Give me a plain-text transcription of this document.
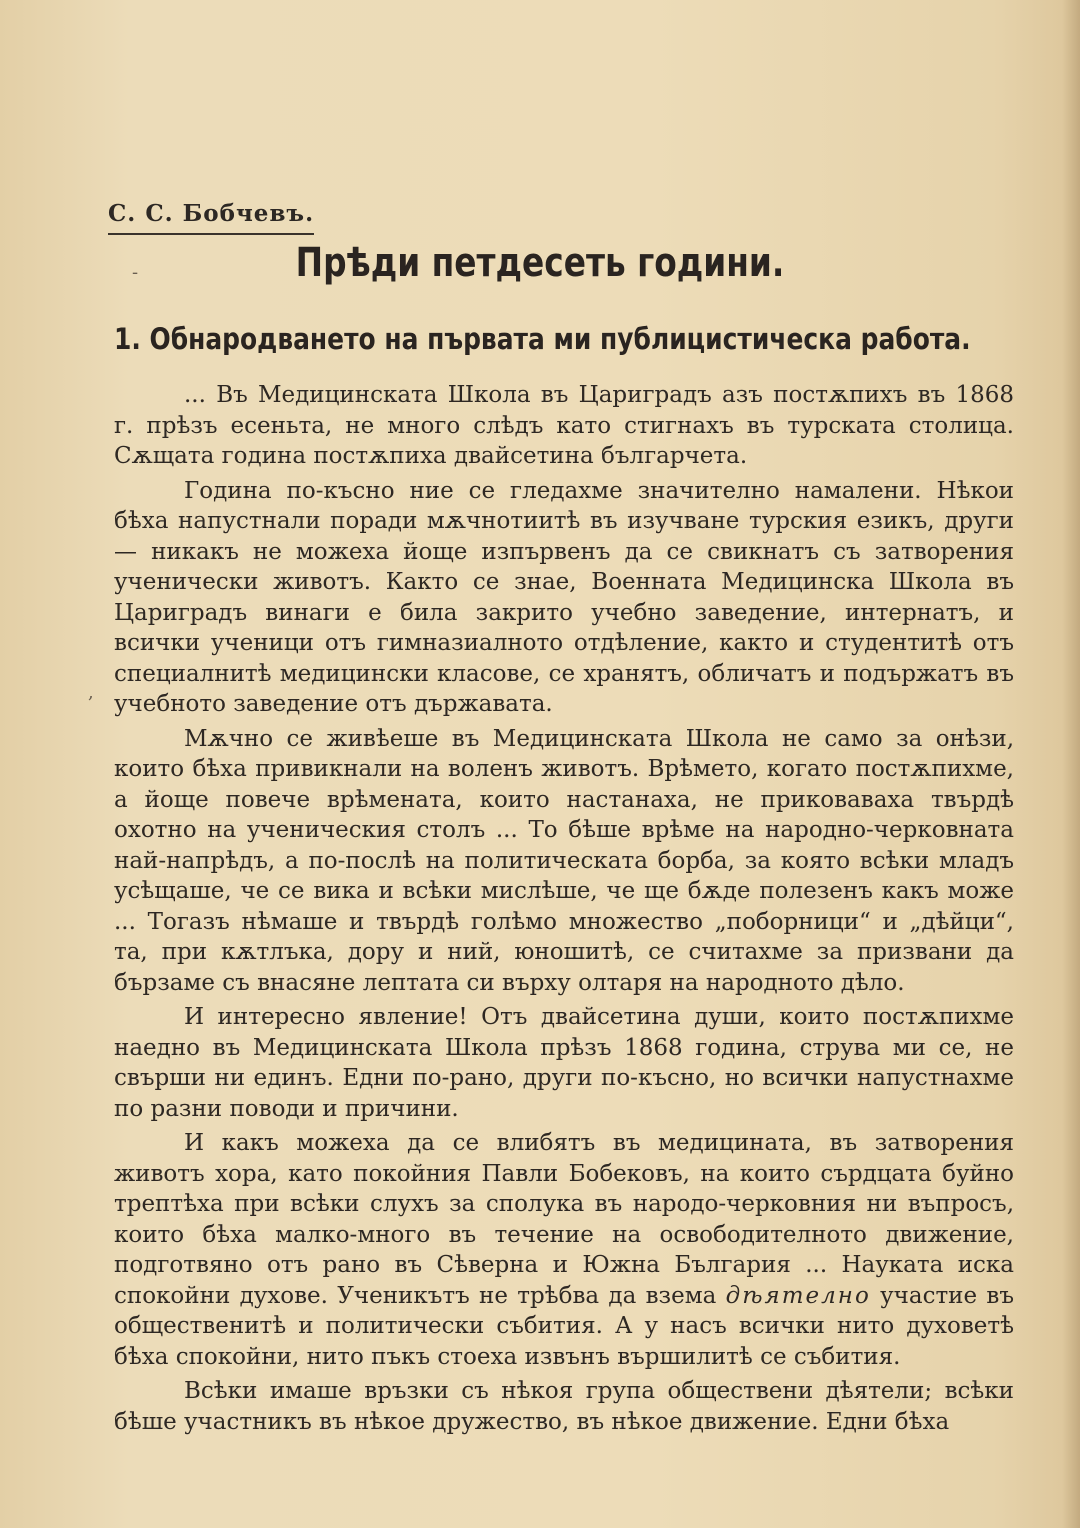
-
,
С. С. Бобчевъ.
Прѣди петдесеть години.
1. Обнародването на първата ми публицистическа работа.

... Въ Медицинската Школа въ Цариградъ азъ постѫпихъ въ 1868 г. прѣзъ есеньта, не много слѣдъ като стигнахъ въ турската столица. Сѫщата година постѫпиха двайсетина българчета.

Година по-късно ние се гледахме значително намалени. Нѣкои бѣха напустнали поради мѫчнотиитѣ въ изучване турския езикъ, други — никакъ не можеха йоще изпървенъ да се свикнатъ съ затворения ученически животъ. Както се знае, Военната Медицинска Школа въ Цариградъ винаги е била закрито учебно заведение, интернатъ, и всички ученици отъ гимназиалното отдѣление, както и студентитѣ отъ специалнитѣ медицински класове, се хранятъ, обличатъ и подържатъ въ учебното заведение отъ държавата.

Мѫчно се живѣеше въ Медицинската Школа не само за онѣзи, които бѣха привикнали на воленъ животъ. Врѣмето, когато постѫпихме, а йоще повече врѣмената, които настанаха, не приковаваха твърдѣ охотно на ученическия столъ ... То бѣше врѣме на народно-черковната най-напрѣдъ, а по-послѣ на политическата борба, за която всѣки младъ усѣщаше, че се вика и всѣки мислѣше, че ще бѫде полезенъ какъ може ... Тогазъ нѣмаше и твърдѣ голѣмо множество „поборници“ и „дѣйци“, та, при кѫтлъка, дору и ний, юношитѣ, се считахме за призвани да бързаме съ внасяне лептата си върху олтаря на народното дѣло.

И интересно явление! Отъ двайсетина души, които постѫпихме наедно въ Медицинската Школа прѣзъ 1868 година, струва ми се, не свърши ни единъ. Едни по-рано, други по-късно, но всички напустнахме по разни поводи и причини.

И какъ можеха да се влибятъ въ медицината, въ затворения животъ хора, като покойния Павли Бобековъ, на които сърдцата буйно трептѣха при всѣки слухъ за сполука въ народо-черковния ни въпросъ, които бѣха малко-много въ течение на освободителното движение, подготвяно отъ рано въ Сѣверна и Южна България ... Науката иска спокойни духове. Ученикътъ не трѣбва да взема дѣятелно участие въ общественитѣ и политически събития. А у насъ всички нито духоветѣ бѣха спокойни, нито пъкъ стоеха извънъ вършилитѣ се събития.

Всѣки имаше връзки съ нѣкоя група обществени дѣятели; всѣки бѣше участникъ въ нѣкое дружество, въ нѣкое движение. Едни бѣха
